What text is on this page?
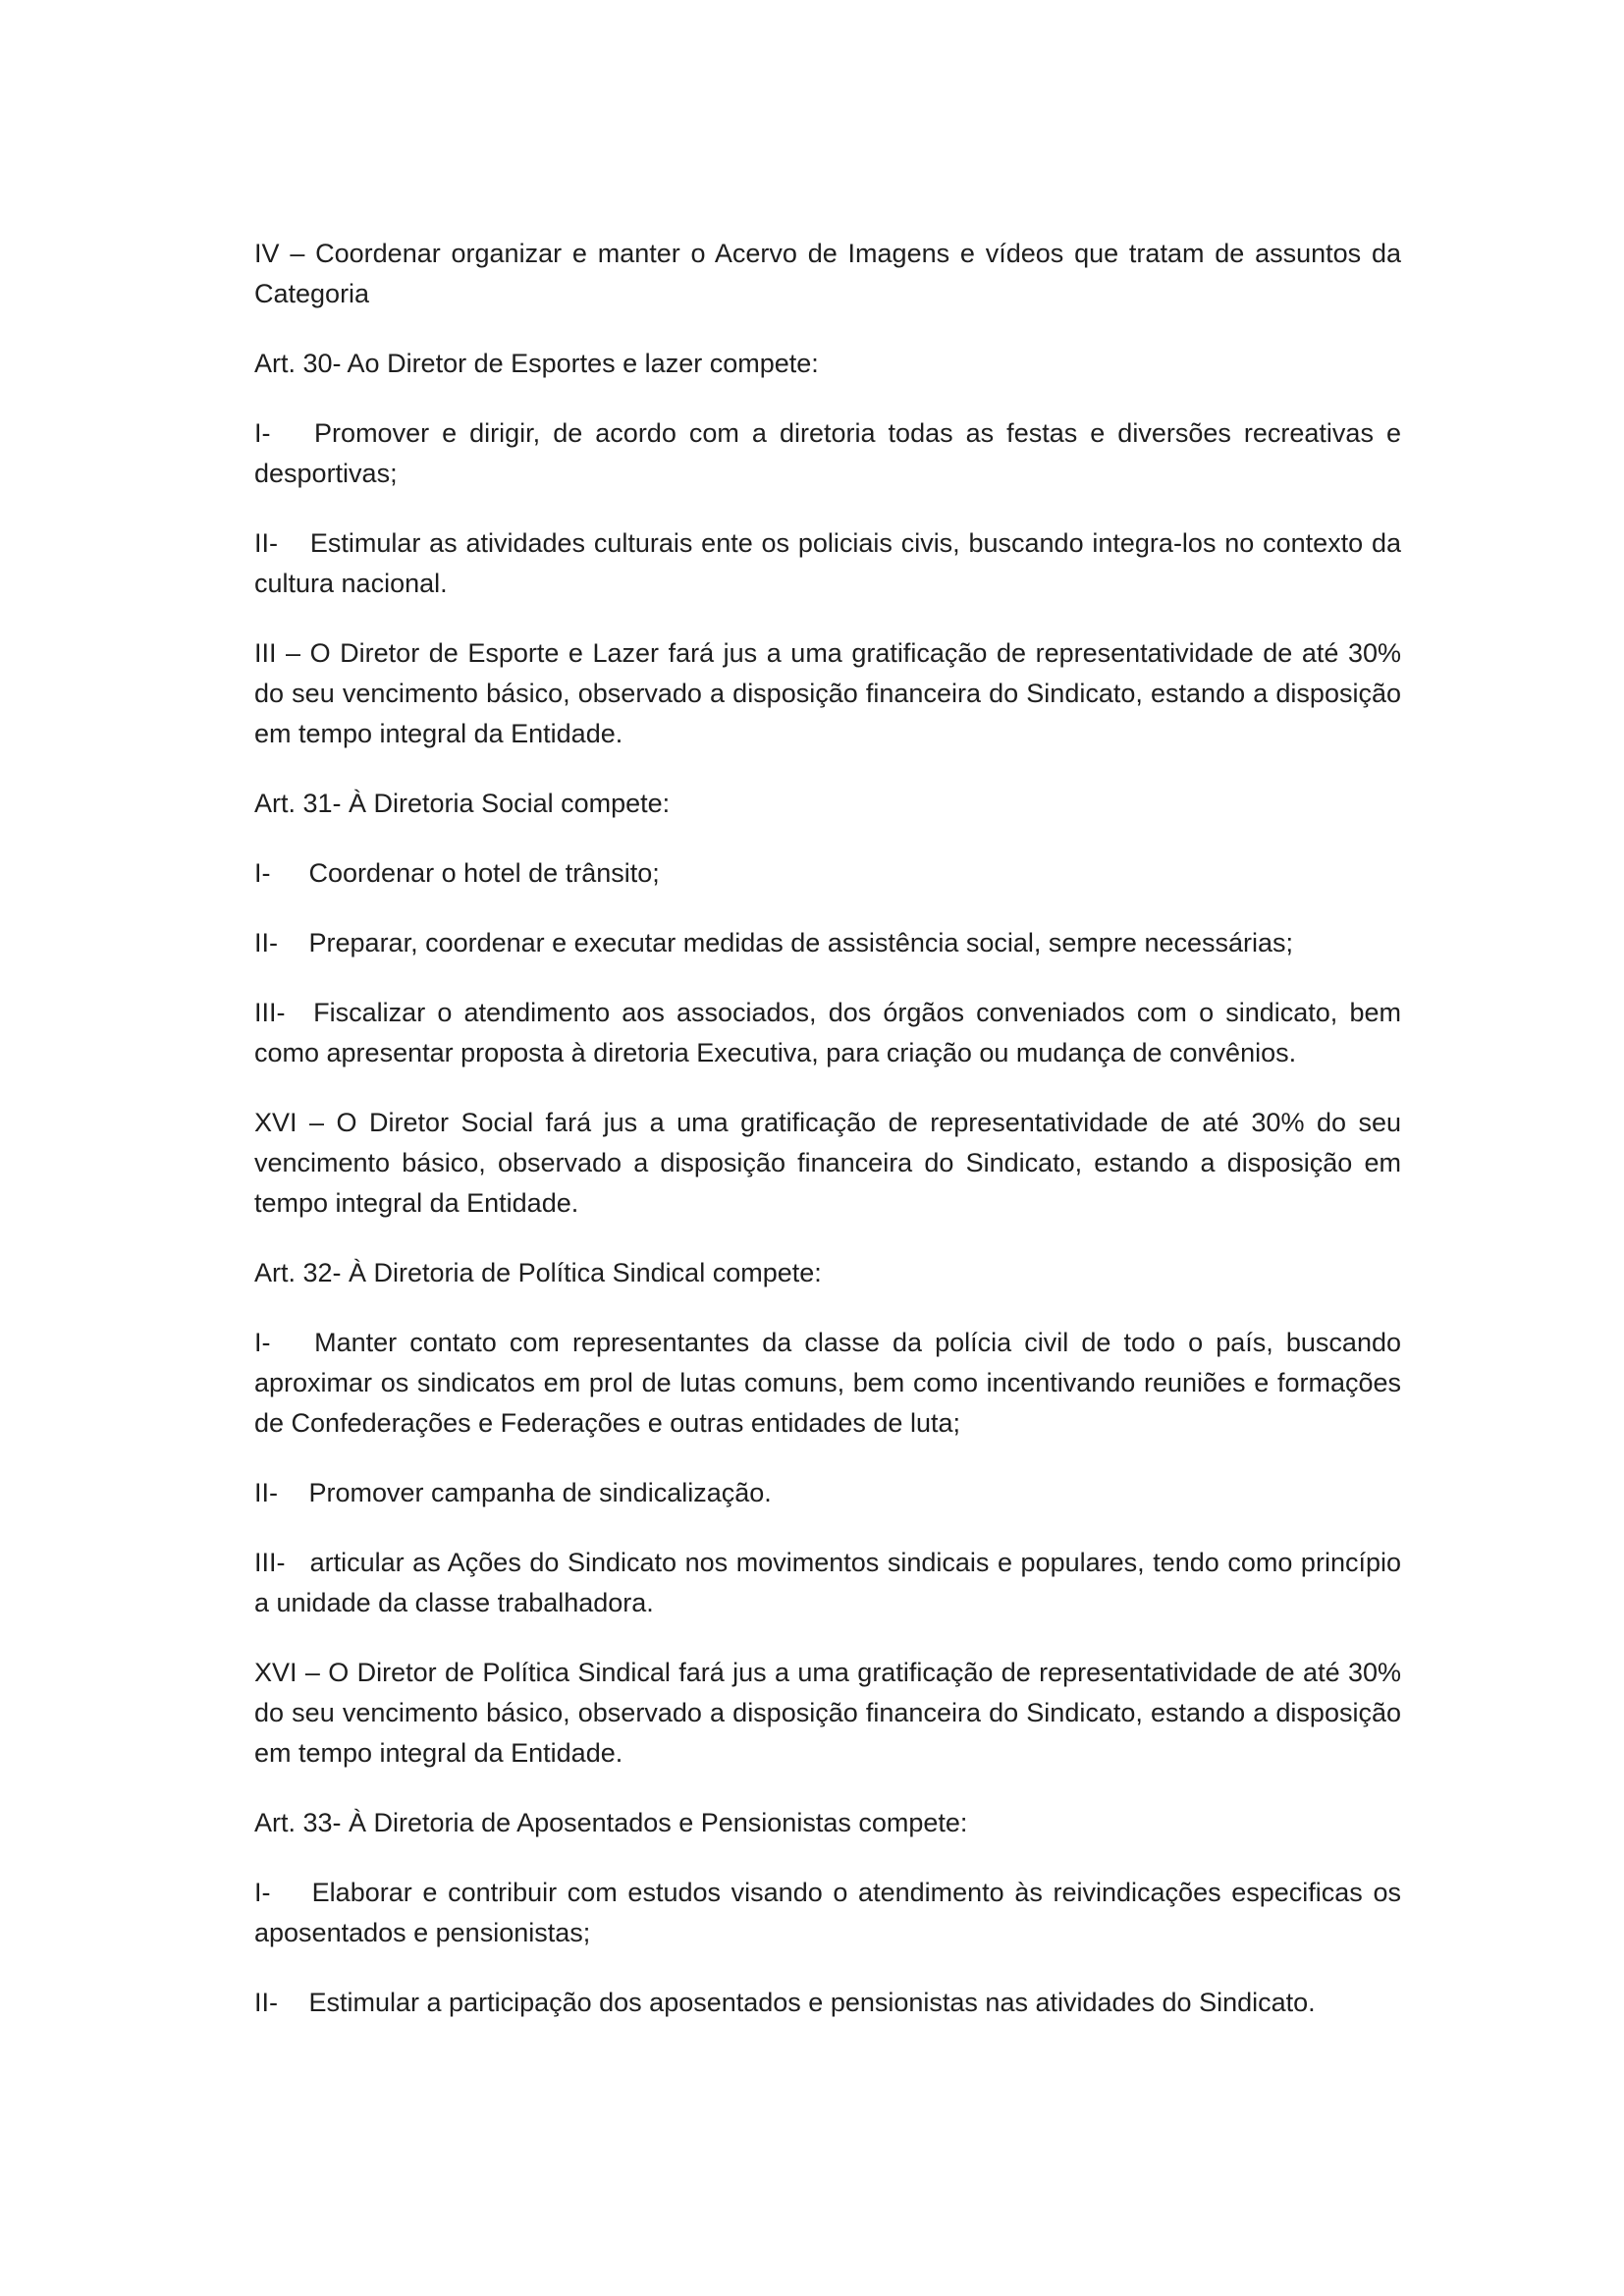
IV – Coordenar organizar e manter o Acervo de Imagens e vídeos que tratam de assuntos da Categoria

Art. 30- Ao Diretor de Esportes e lazer compete:

I- Promover e dirigir, de acordo com a diretoria todas as festas e diversões recreativas e desportivas;

II- Estimular as atividades culturais ente os policiais civis, buscando integra-los no contexto da cultura nacional.

III – O Diretor de Esporte e Lazer fará jus a uma gratificação de representatividade de até 30% do seu vencimento básico, observado a disposição financeira do Sindicato, estando a disposição em tempo integral da Entidade.

Art. 31- À Diretoria Social compete:

I- Coordenar o hotel de trânsito;

II- Preparar, coordenar e executar medidas de assistência social, sempre necessárias;

III- Fiscalizar o atendimento aos associados, dos órgãos conveniados com o sindicato, bem como apresentar proposta à diretoria Executiva, para criação ou mudança de convênios.

XVI – O Diretor Social fará jus a uma gratificação de representatividade de até 30% do seu vencimento básico, observado a disposição financeira do Sindicato, estando a disposição em tempo integral da Entidade.

Art. 32- À Diretoria de Política Sindical compete:

I- Manter contato com representantes da classe da polícia civil de todo o país, buscando aproximar os sindicatos em prol de lutas comuns, bem como incentivando reuniões e formações de Confederações e Federações e outras entidades de luta;

II- Promover campanha de sindicalização.

III- articular as Ações do Sindicato nos movimentos sindicais e populares, tendo como princípio a unidade da classe trabalhadora.

XVI – O Diretor de Política Sindical fará jus a uma gratificação de representatividade de até 30% do seu vencimento básico, observado a disposição financeira do Sindicato, estando a disposição em tempo integral da Entidade.

Art. 33- À Diretoria de Aposentados e Pensionistas compete:

I- Elaborar e contribuir com estudos visando o atendimento às reivindicações especificas os aposentados e pensionistas;

II- Estimular a participação dos aposentados e pensionistas nas atividades do Sindicato.
